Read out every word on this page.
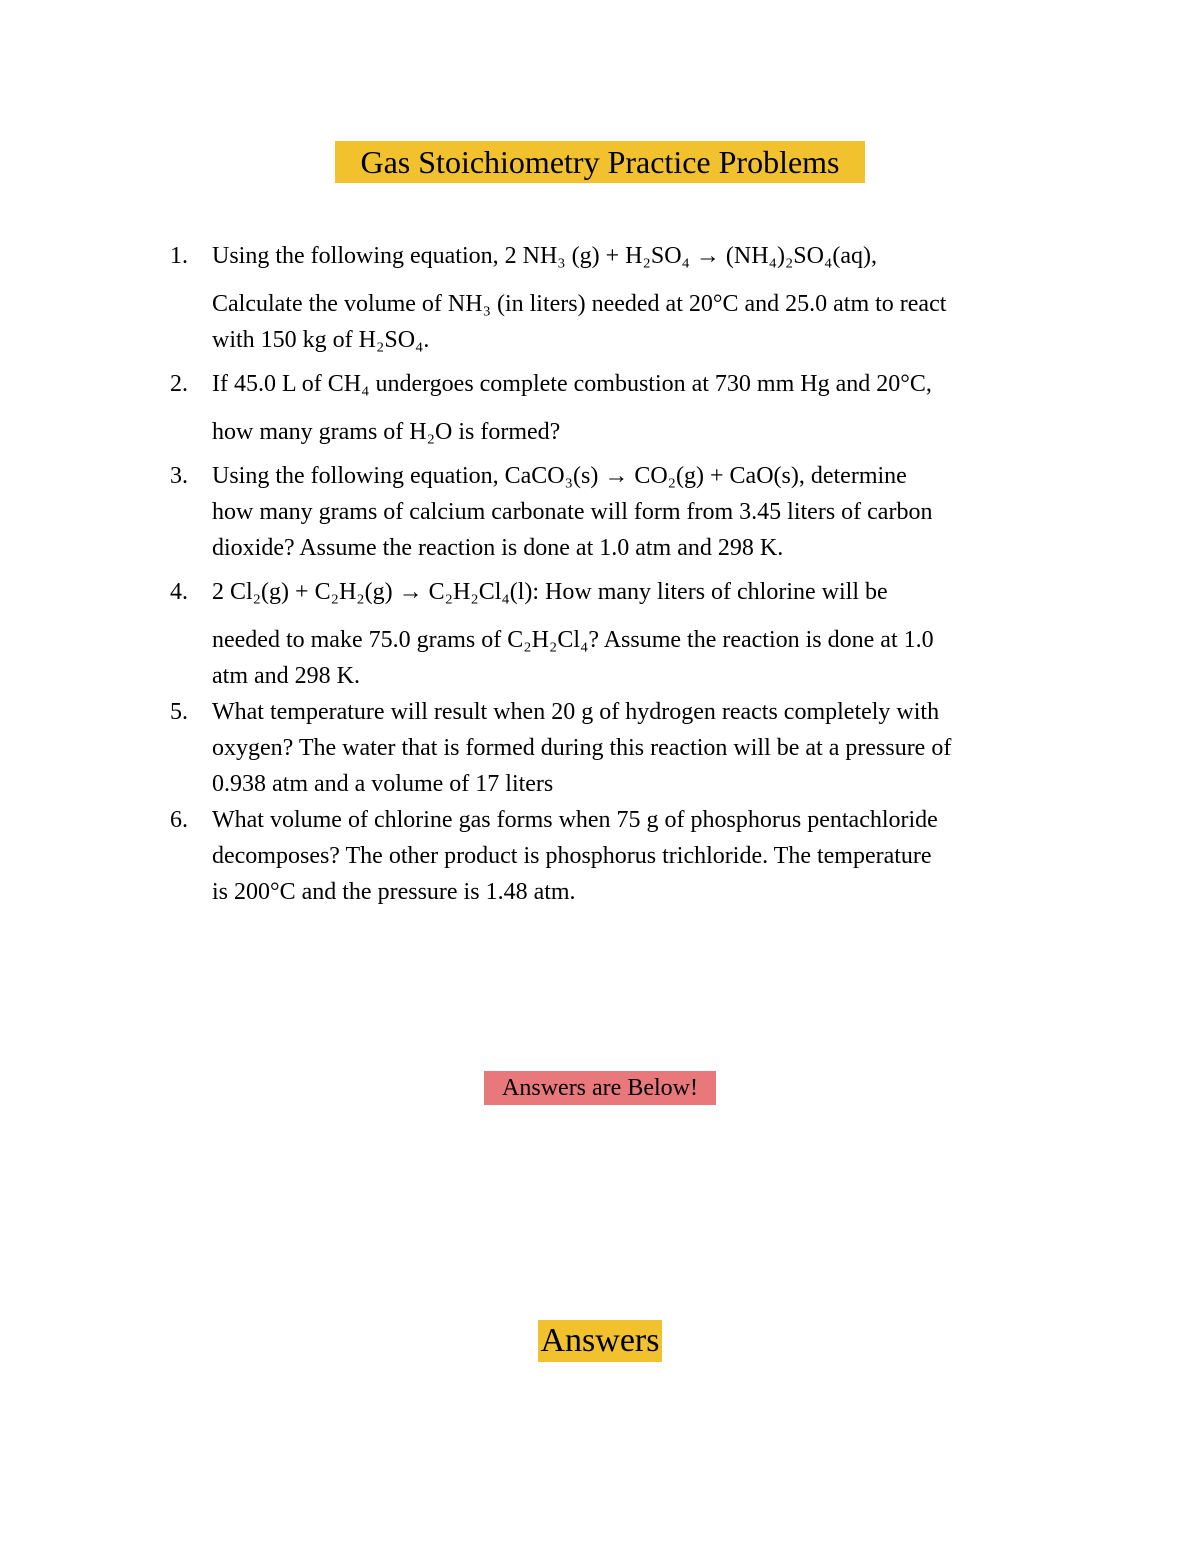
Gas Stoichiometry Practice Problems
1. Using the following equation, 2 NH₃ (g) + H₂SO₄ → (NH₄)₂SO₄(aq),
Calculate the volume of NH₃ (in liters) needed at 20°C and 25.0 atm to react
with 150 kg of H₂SO₄.
2. If 45.0 L of CH₄ undergoes complete combustion at 730 mm Hg and 20°C,
how many grams of H₂O is formed?
3. Using the following equation, CaCO₃(s) → CO₂(g) + CaO(s), determine
how many grams of calcium carbonate will form from 3.45 liters of carbon
dioxide? Assume the reaction is done at 1.0 atm and 298 K.
4. 2 Cl₂(g) + C₂H₂(g) → C₂H₂Cl₄(l): How many liters of chlorine will be
needed to make 75.0 grams of C₂H₂Cl₄? Assume the reaction is done at 1.0
atm and 298 K.
5. What temperature will result when 20 g of hydrogen reacts completely with
oxygen? The water that is formed during this reaction will be at a pressure of
0.938 atm and a volume of 17 liters
6. What volume of chlorine gas forms when 75 g of phosphorus pentachloride
decomposes? The other product is phosphorus trichloride. The temperature
is 200°C and the pressure is 1.48 atm.
Answers are Below!
Answers
